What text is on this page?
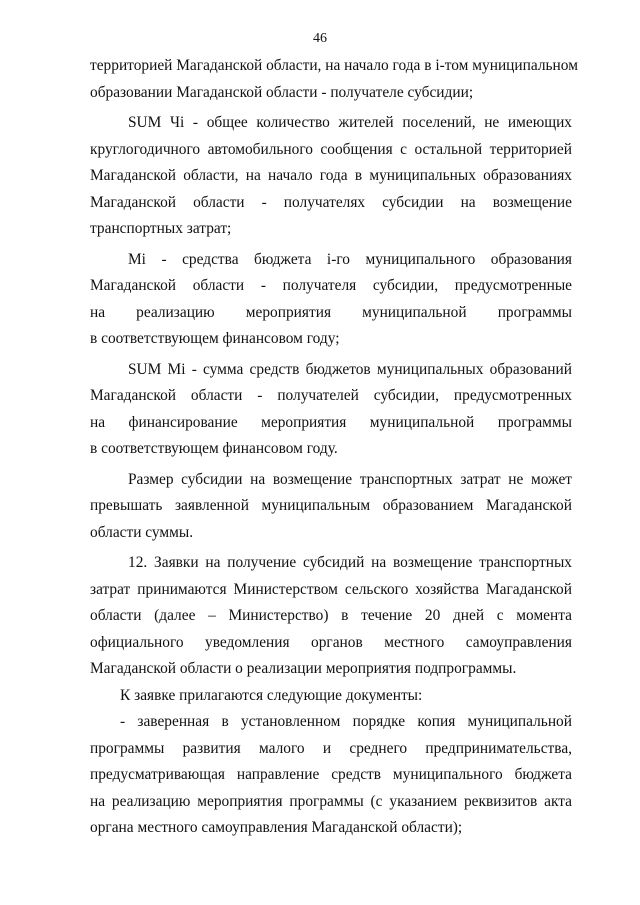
46
территорией Магаданской области, на начало года в i-том муниципальном
образовании Магаданской области - получателе субсидии;
SUM Чi - общее количество жителей поселений, не имеющих
круглогодичного автомобильного сообщения с остальной территорией
Магаданской области, на начало года в муниципальных образованиях
Магаданской области - получателях субсидии на возмещение
транспортных затрат;
Mi - средства бюджета i-го муниципального образования
Магаданской области - получателя субсидии, предусмотренные
на реализацию мероприятия муниципальной программы
в соответствующем финансовом году;
SUM Mi - сумма средств бюджетов муниципальных образований
Магаданской области - получателей субсидии, предусмотренных
на финансирование мероприятия муниципальной программы
в соответствующем финансовом году.
Размер субсидии на возмещение транспортных затрат не может
превышать заявленной муниципальным образованием Магаданской
области суммы.
12. Заявки на получение субсидий на возмещение транспортных
затрат принимаются Министерством сельского хозяйства Магаданской
области (далее – Министерство) в течение 20 дней с момента
официального уведомления органов местного самоуправления
Магаданской области о реализации мероприятия подпрограммы.
К заявке прилагаются следующие документы:
- заверенная в установленном порядке копия муниципальной
программы развития малого и среднего предпринимательства,
предусматривающая направление средств муниципального бюджета
на реализацию мероприятия программы (с указанием реквизитов акта
органа местного самоуправления Магаданской области);
